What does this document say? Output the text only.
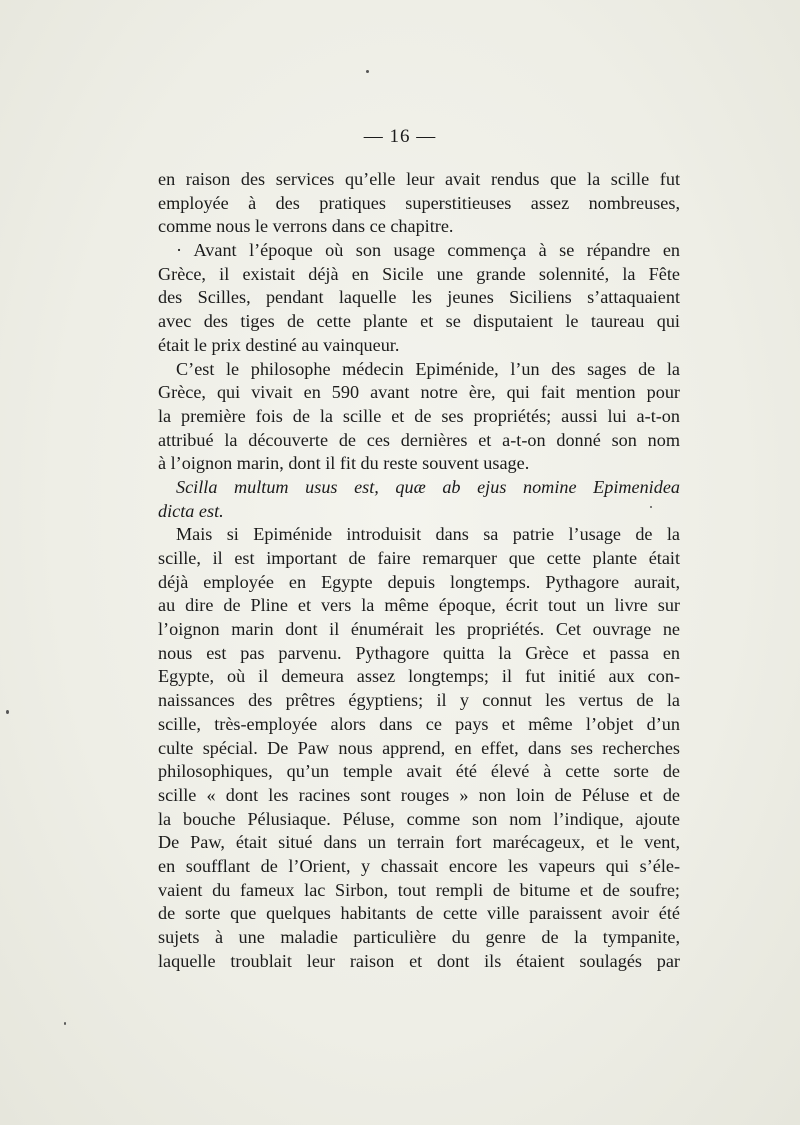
— 16 —
en raison des services qu’elle leur avait rendus que la scille fut
employée à des pratiques superstitieuses assez nombreuses,
comme nous le verrons dans ce chapitre.
· Avant l’époque où son usage commença à se répandre en
Grèce, il existait déjà en Sicile une grande solennité, la Fête
des Scilles, pendant laquelle les jeunes Siciliens s’attaquaient
avec des tiges de cette plante et se disputaient le taureau qui
était le prix destiné au vainqueur.
C’est le philosophe médecin Epiménide, l’un des sages de la
Grèce, qui vivait en 590 avant notre ère, qui fait mention pour
la première fois de la scille et de ses propriétés; aussi lui a-t-on
attribué la découverte de ces dernières et a-t-on donné son nom
à l’oignon marin, dont il fit du reste souvent usage.
Scilla multum usus est, quæ ab ejus nomine Epimenidea
dicta est.
Mais si Epiménide introduisit dans sa patrie l’usage de la
scille, il est important de faire remarquer que cette plante était
déjà employée en Egypte depuis longtemps. Pythagore aurait,
au dire de Pline et vers la même époque, écrit tout un livre sur
l’oignon marin dont il énumérait les propriétés. Cet ouvrage ne
nous est pas parvenu. Pythagore quitta la Grèce et passa en
Egypte, où il demeura assez longtemps; il fut initié aux con-
naissances des prêtres égyptiens; il y connut les vertus de la
scille, très-employée alors dans ce pays et même l’objet d’un
culte spécial. De Paw nous apprend, en effet, dans ses recherches
philosophiques, qu’un temple avait été élevé à cette sorte de
scille « dont les racines sont rouges » non loin de Péluse et de
la bouche Pélusiaque. Péluse, comme son nom l’indique, ajoute
De Paw, était situé dans un terrain fort marécageux, et le vent,
en soufflant de l’Orient, y chassait encore les vapeurs qui s’éle-
vaient du fameux lac Sirbon, tout rempli de bitume et de soufre;
de sorte que quelques habitants de cette ville paraissent avoir été
sujets à une maladie particulière du genre de la tympanite,
laquelle troublait leur raison et dont ils étaient soulagés par
